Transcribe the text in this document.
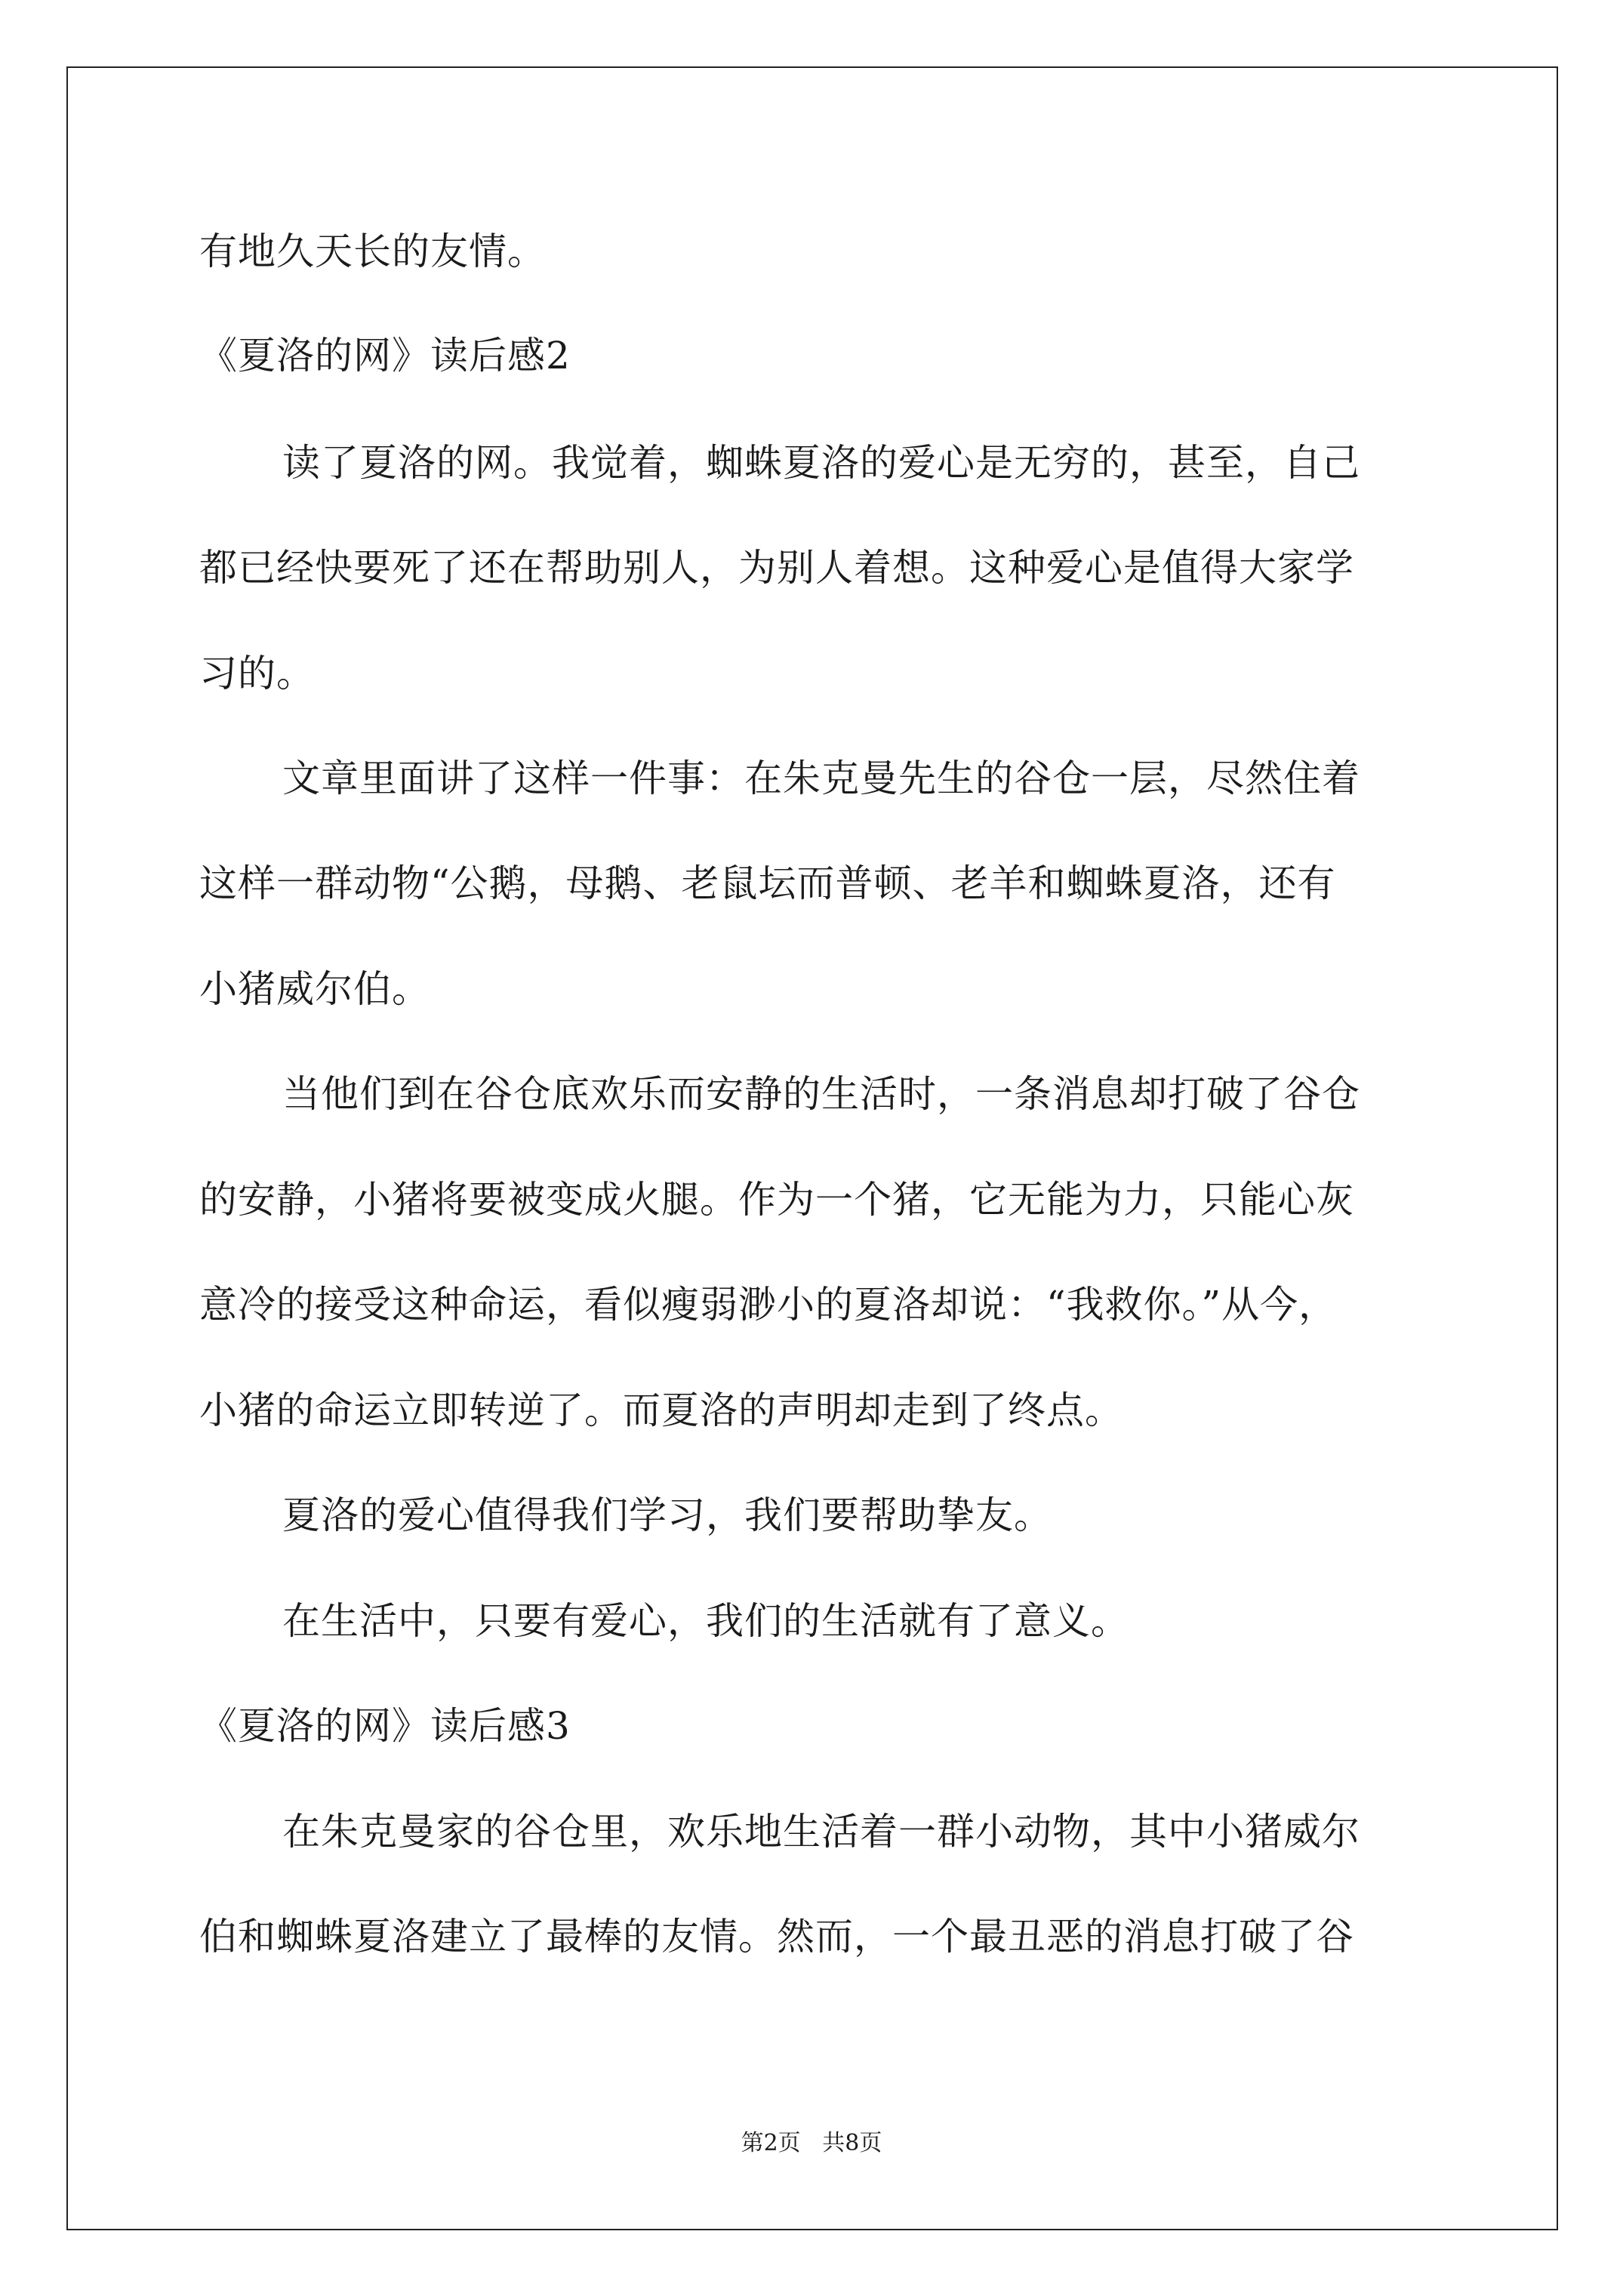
有地久天长的友情。
《夏洛的网》读后感2
读了夏洛的网。我觉着，蜘蛛夏洛的爱心是无穷的，甚至，自己
都已经快要死了还在帮助别人，为别人着想。这种爱心是值得大家学
习的。
文章里面讲了这样一件事：在朱克曼先生的谷仓一层，尽然住着
这样一群动物“公鹅，母鹅、老鼠坛而普顿、老羊和蜘蛛夏洛，还有
小猪威尔伯。
当他们到在谷仓底欢乐而安静的生活时，一条消息却打破了谷仓
的安静，小猪将要被变成火腿。作为一个猪，它无能为力，只能心灰
意冷的接受这种命运，看似瘦弱渺小的夏洛却说：“我救你。”从今，
小猪的命运立即转逆了。而夏洛的声明却走到了终点。
夏洛的爱心值得我们学习，我们要帮助挚友。
在生活中，只要有爱心，我们的生活就有了意义。
《夏洛的网》读后感3
在朱克曼家的谷仓里，欢乐地生活着一群小动物，其中小猪威尔
伯和蜘蛛夏洛建立了最棒的友情。然而，一个最丑恶的消息打破了谷
第2页 共8页
